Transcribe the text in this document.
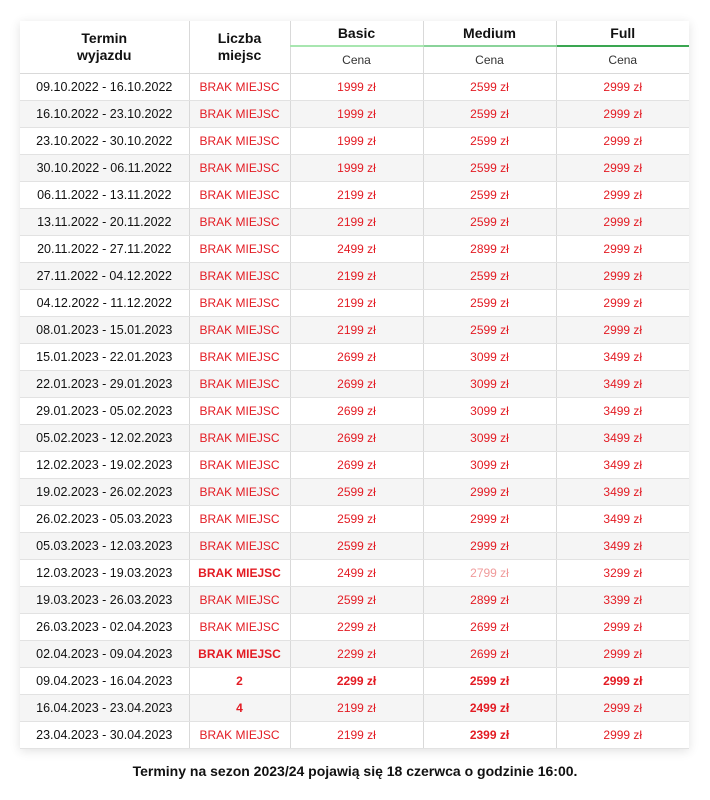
Termin
wyjazdu	Liczba
miejsc	Basic	Medium	Full
		Cena	Cena	Cena
09.10.2022 - 16.10.2022	BRAK MIEJSC	1999 zł	2599 zł	2999 zł
16.10.2022 - 23.10.2022	BRAK MIEJSC	1999 zł	2599 zł	2999 zł
23.10.2022 - 30.10.2022	BRAK MIEJSC	1999 zł	2599 zł	2999 zł
30.10.2022 - 06.11.2022	BRAK MIEJSC	1999 zł	2599 zł	2999 zł
06.11.2022 - 13.11.2022	BRAK MIEJSC	2199 zł	2599 zł	2999 zł
13.11.2022 - 20.11.2022	BRAK MIEJSC	2199 zł	2599 zł	2999 zł
20.11.2022 - 27.11.2022	BRAK MIEJSC	2499 zł	2899 zł	2999 zł
27.11.2022 - 04.12.2022	BRAK MIEJSC	2199 zł	2599 zł	2999 zł
04.12.2022 - 11.12.2022	BRAK MIEJSC	2199 zł	2599 zł	2999 zł
08.01.2023 - 15.01.2023	BRAK MIEJSC	2199 zł	2599 zł	2999 zł
15.01.2023 - 22.01.2023	BRAK MIEJSC	2699 zł	3099 zł	3499 zł
22.01.2023 - 29.01.2023	BRAK MIEJSC	2699 zł	3099 zł	3499 zł
29.01.2023 - 05.02.2023	BRAK MIEJSC	2699 zł	3099 zł	3499 zł
05.02.2023 - 12.02.2023	BRAK MIEJSC	2699 zł	3099 zł	3499 zł
12.02.2023 - 19.02.2023	BRAK MIEJSC	2699 zł	3099 zł	3499 zł
19.02.2023 - 26.02.2023	BRAK MIEJSC	2599 zł	2999 zł	3499 zł
26.02.2023 - 05.03.2023	BRAK MIEJSC	2599 zł	2999 zł	3499 zł
05.03.2023 - 12.03.2023	BRAK MIEJSC	2599 zł	2999 zł	3499 zł
12.03.2023 - 19.03.2023	BRAK MIEJSC	2499 zł	2799 zł	3299 zł
19.03.2023 - 26.03.2023	BRAK MIEJSC	2599 zł	2899 zł	3399 zł
26.03.2023 - 02.04.2023	BRAK MIEJSC	2299 zł	2699 zł	2999 zł
02.04.2023 - 09.04.2023	BRAK MIEJSC	2299 zł	2699 zł	2999 zł
09.04.2023 - 16.04.2023	2	2299 zł	2599 zł	2999 zł
16.04.2023 - 23.04.2023	4	2199 zł	2499 zł	2999 zł
23.04.2023 - 30.04.2023	BRAK MIEJSC	2199 zł	2399 zł	2999 zł
Terminy na sezon 2023/24 pojawią się 18 czerwca o godzinie 16:00.
